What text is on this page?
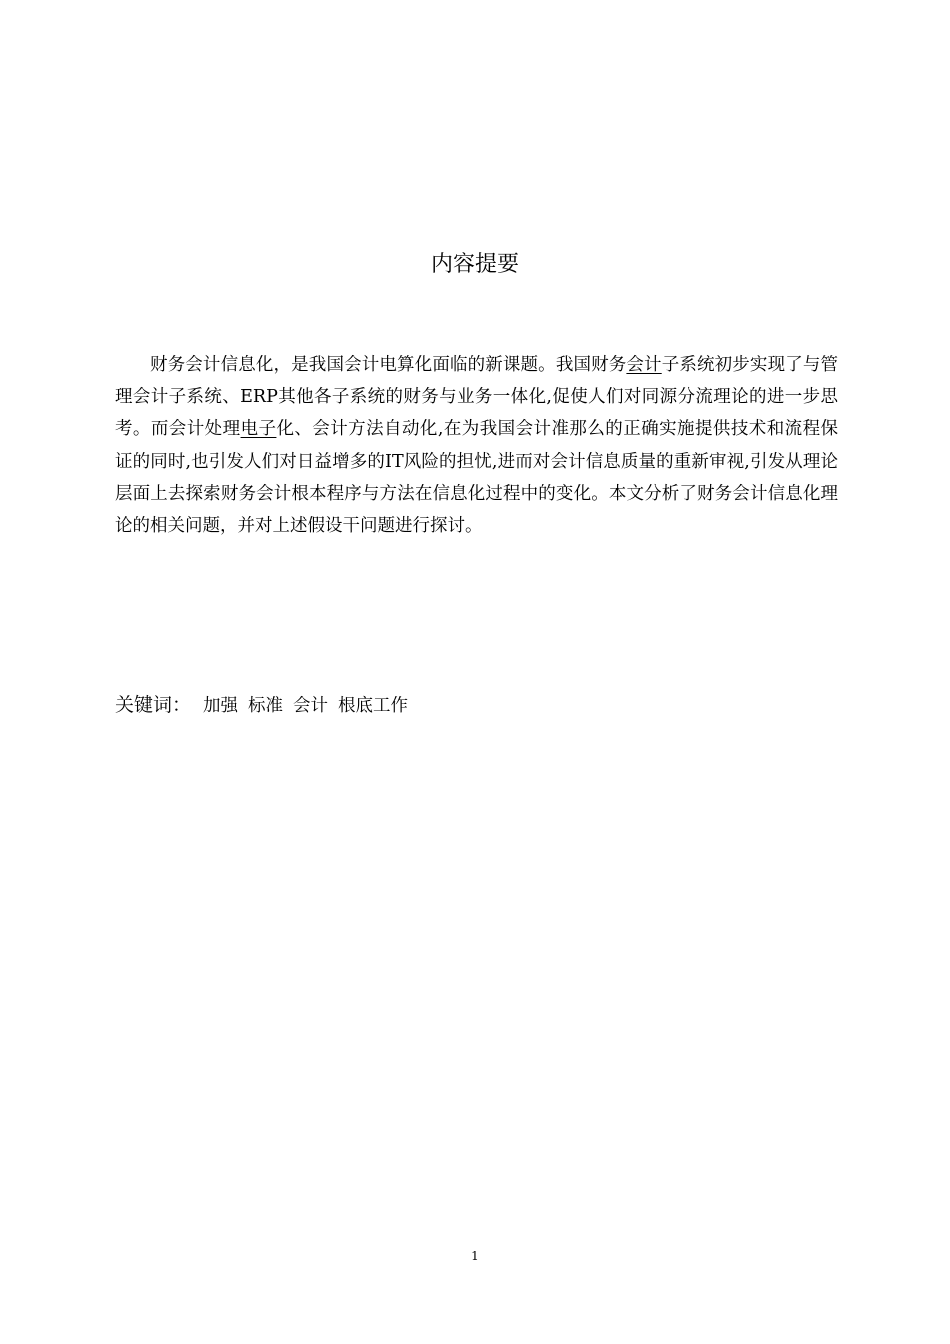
内容提要

财务会计信息化，是我国会计电算化面临的新课题。我国财务会计子系统初步实现了与管理会计子系统、ERP其他各子系统的财务与业务一体化,促使人们对同源分流理论的进一步思考。而会计处理电子化、会计方法自动化,在为我国会计准那么的正确实施提供技术和流程保证的同时,也引发人们对日益增多的IT风险的担忧,进而对会计信息质量的重新审视,引发从理论层面上去探索财务会计根本程序与方法在信息化过程中的变化。本文分析了财务会计信息化理论的相关问题，并对上述假设干问题进行探讨。

关键词： 加强 标准 会计 根底工作
1
